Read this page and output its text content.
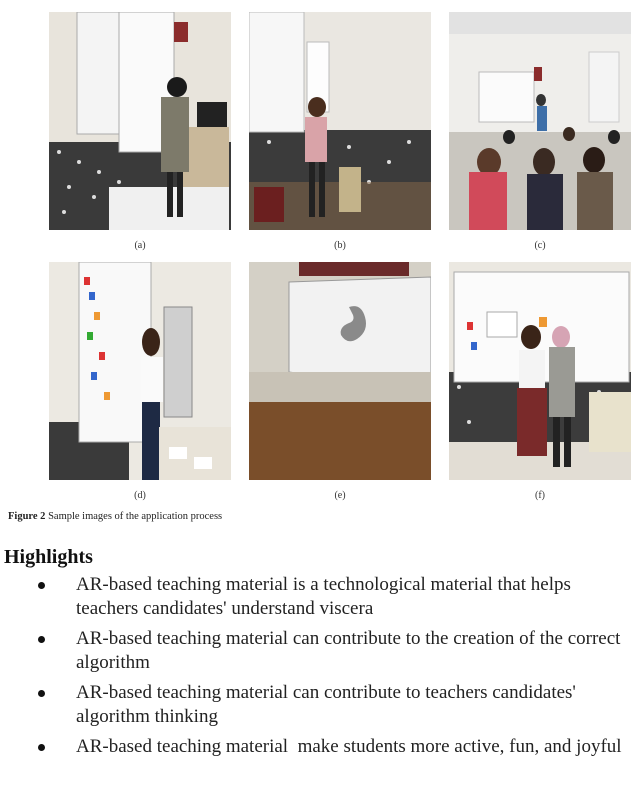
(a)	(b)	(c)
(d)	(e)	(f)
Figure 2 Sample images of the application process
Highlights
AR-based teaching material is a technological material that helps teachers candidates' understand viscera
AR-based teaching material can contribute to the creation of the correct algorithm
AR-based teaching material can contribute to teachers candidates' algorithm thinking
AR-based teaching material  make students more active, fun, and joyful
